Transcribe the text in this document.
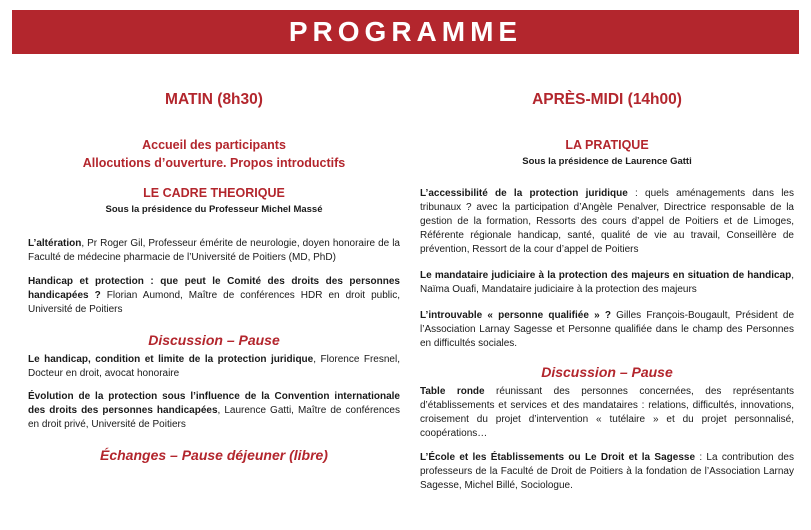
PROGRAMME

MATIN (8h30)

Accueil des participants

Allocutions d’ouverture. Propos introductifs

LE CADRE THEORIQUE

Sous la présidence du Professeur Michel Massé

L’altération, Pr Roger Gil, Professeur émérite de neurologie, doyen honoraire de la Faculté de médecine pharmacie de l’Université de Poitiers (MD, PhD)

Handicap et protection : que peut le Comité des droits des personnes handicapées ? Florian Aumond, Maître de conférences HDR en droit public, Université de Poitiers

Discussion – Pause

Le handicap, condition et limite de la protection juridique, Florence Fresnel, Docteur en droit, avocat honoraire

Évolution de la protection sous l’influence de la Convention internationale des droits des personnes handicapées, Laurence Gatti, Maître de conférences en droit privé, Université de Poitiers

Échanges – Pause déjeuner (libre)

APRÈS-MIDI (14h00)

LA PRATIQUE

Sous la présidence de Laurence Gatti

L’accessibilité de la protection juridique : quels aménagements dans les tribunaux ? avec la participation d’Angèle Penalver, Directrice responsable de la gestion de la formation, Ressorts des cours d’appel de Poitiers et de Limoges, Référente régionale handicap, santé, qualité de vie au travail, Conseillère de prévention, Ressort de la cour d’appel de Poitiers

Le mandataire judiciaire à la protection des majeurs en situation de handicap, Naïma Ouafi, Mandataire judiciaire à la protection des majeurs

L’introuvable « personne qualifiée » ? Gilles François-Bougault, Président de l’Association Larnay Sagesse et Personne qualifiée dans le champ des Personnes en difficultés sociales.

Discussion – Pause

Table ronde réunissant des personnes concernées, des représentants d’établissements et services et des mandataires : relations, difficultés, innovations, croisement du projet d’intervention « tutélaire » et du projet personnalisé, coopérations…

L’École et les Établissements ou Le Droit et la Sagesse : La contribution des professeurs de la Faculté de Droit de Poitiers à la fondation de l’Association Larnay Sagesse, Michel Billé, Sociologue.
